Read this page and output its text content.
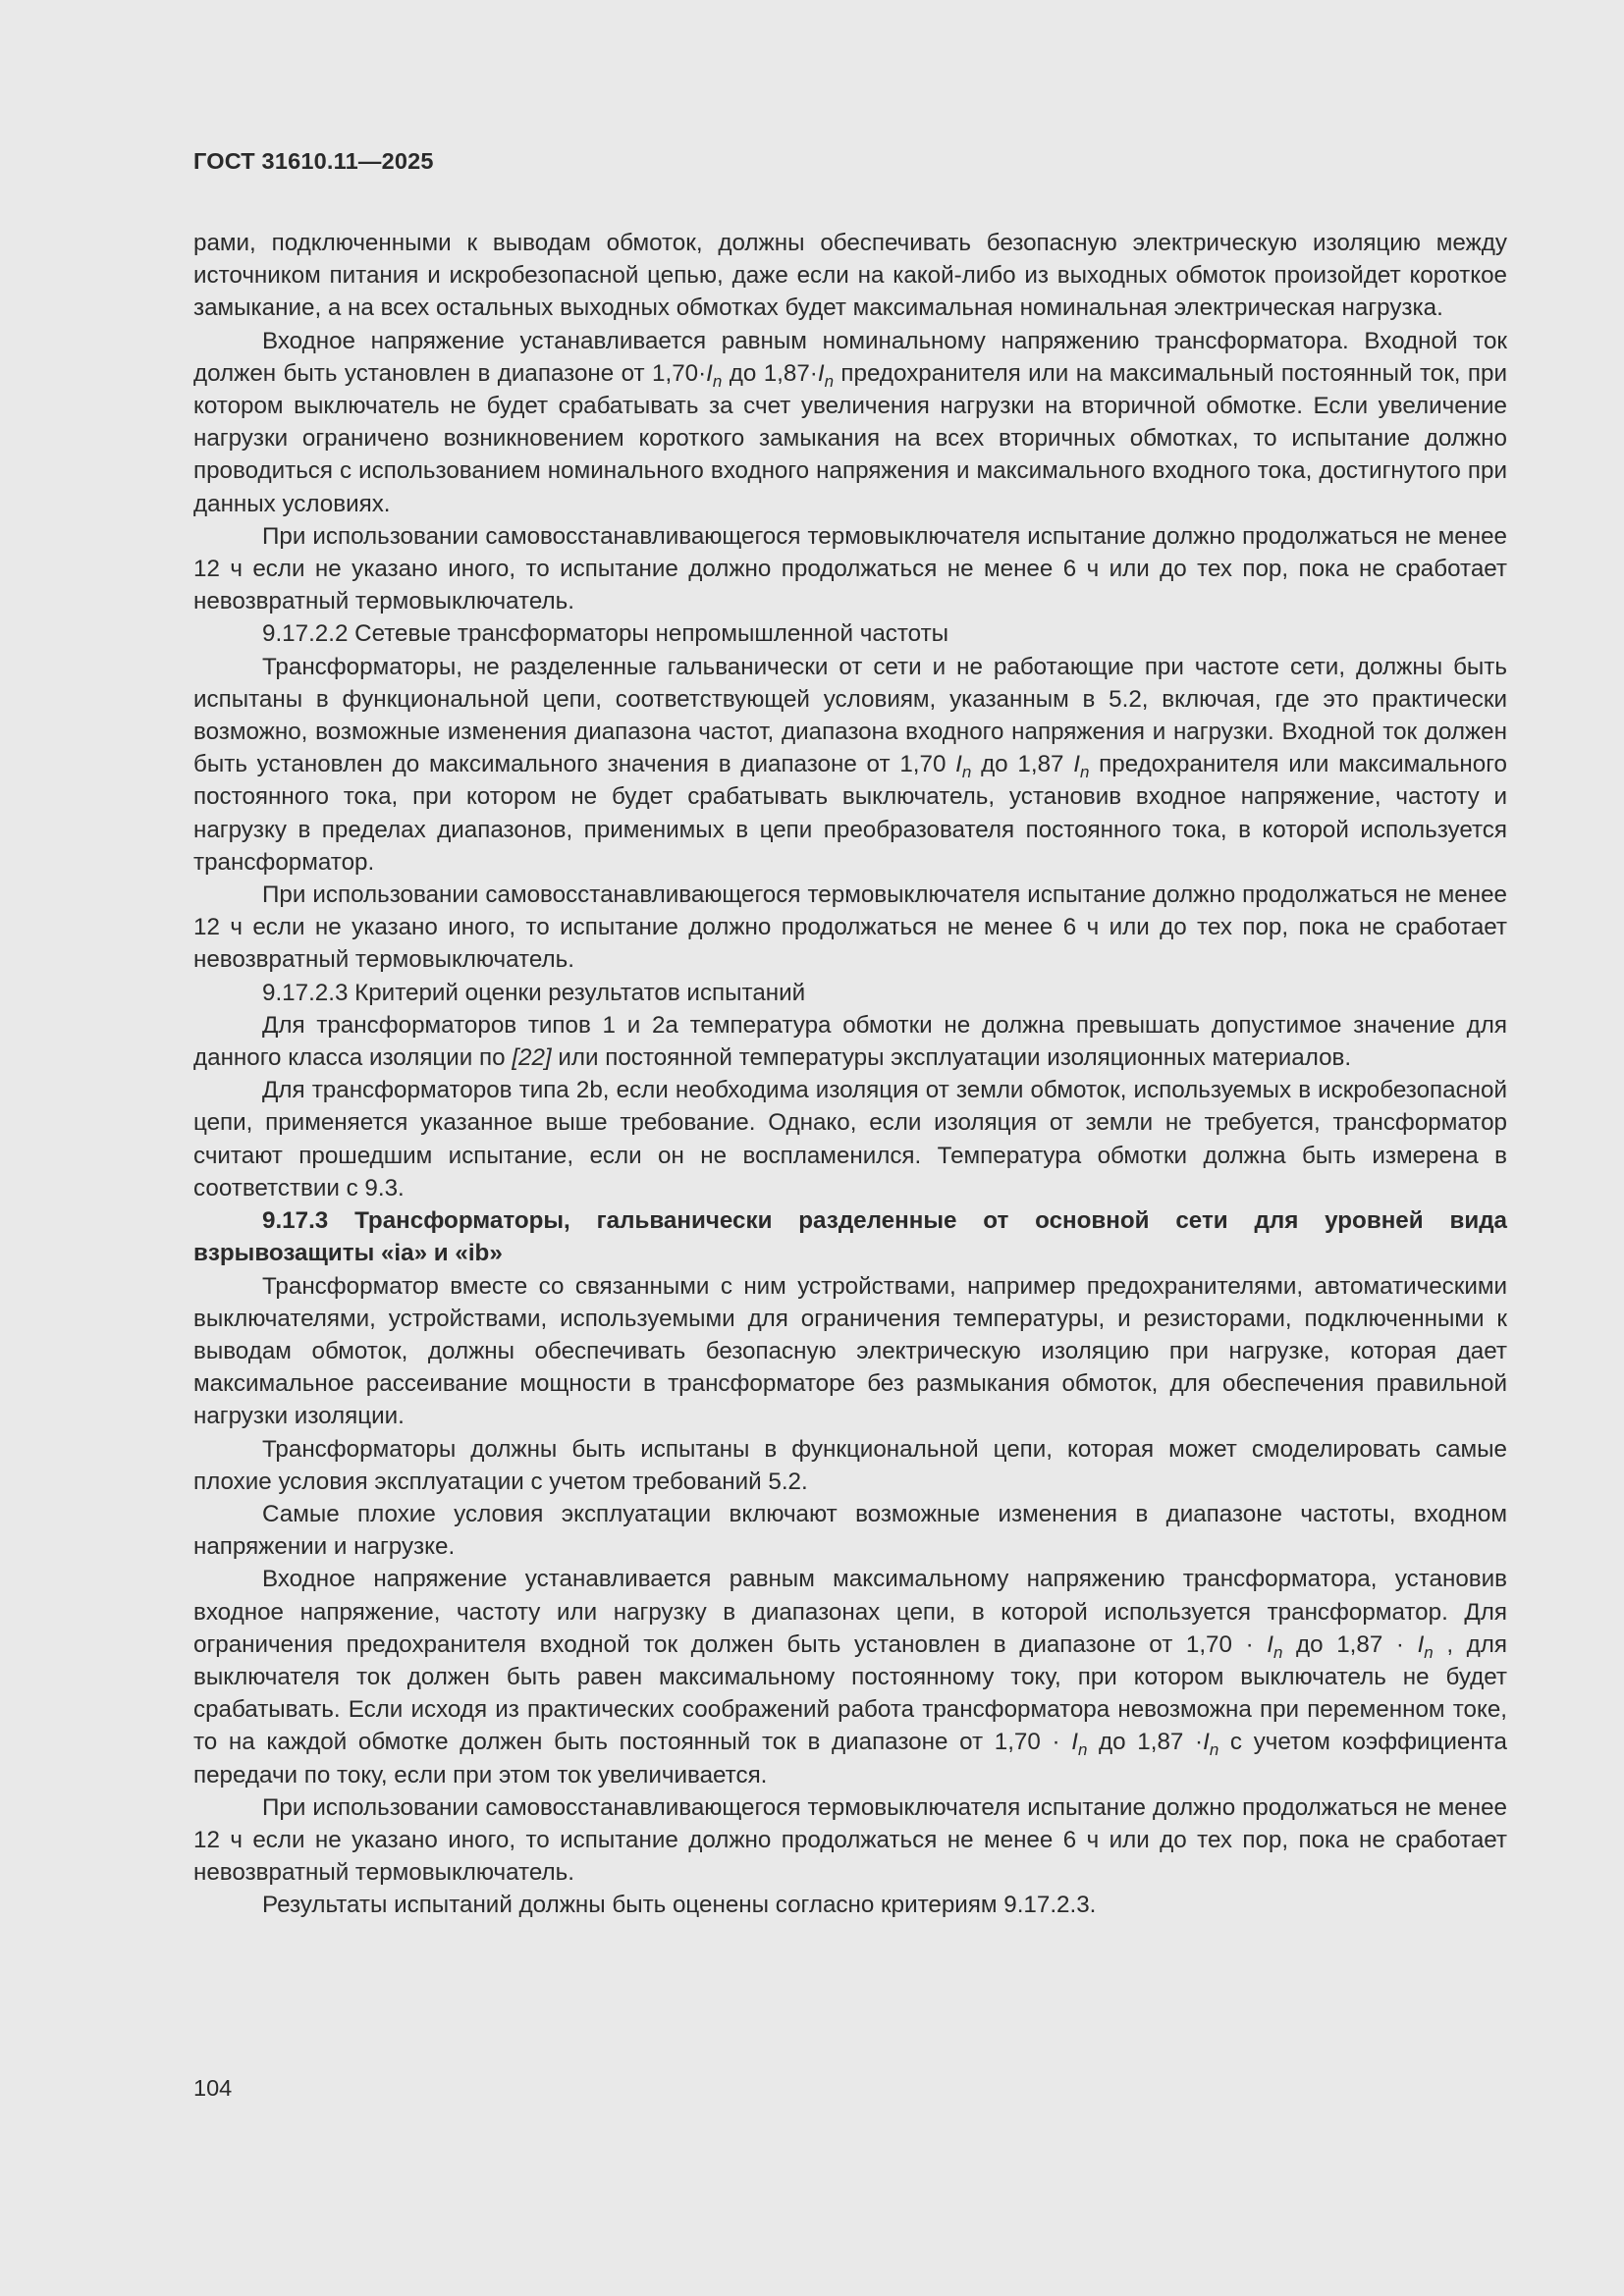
ГОСТ 31610.11—2025

рами, подключенными к выводам обмоток, должны обеспечивать безопасную электрическую изоляцию между источником питания и искробезопасной цепью, даже если на какой-либо из выходных обмоток произойдет короткое замыкание, а на всех остальных выходных обмотках будет максимальная номинальная электрическая нагрузка.

Входное напряжение устанавливается равным номинальному напряжению трансформатора. Входной ток должен быть установлен в диапазоне от $1,70\cdot I_n$ до $1,87\cdot I_n$ предохранителя или на максимальный постоянный ток, при котором выключатель не будет срабатывать за счет увеличения нагрузки на вторичной обмотке. Если увеличение нагрузки ограничено возникновением короткого замыкания на всех вторичных обмотках, то испытание должно проводиться с использованием номинального входного напряжения и максимального входного тока, достигнутого при данных условиях.

При использовании самовосстанавливающегося термовыключателя испытание должно продолжаться не менее 12 ч если не указано иного, то испытание должно продолжаться не менее 6 ч или до тех пор, пока не сработает невозвратный термовыключатель.

9.17.2.2 Сетевые трансформаторы непромышленной частоты

Трансформаторы, не разделенные гальванически от сети и не работающие при частоте сети, должны быть испытаны в функциональной цепи, соответствующей условиям, указанным в 5.2, включая, где это практически возможно, возможные изменения диапазона частот, диапазона входного напряжения и нагрузки. Входной ток должен быть установлен до максимального значения в диапазоне от 1,70 $I_n$ до 1,87 $I_n$ предохранителя или максимального постоянного тока, при котором не будет срабатывать выключатель, установив входное напряжение, частоту и нагрузку в пределах диапазонов, применимых в цепи преобразователя постоянного тока, в которой используется трансформатор.

При использовании самовосстанавливающегося термовыключателя испытание должно продолжаться не менее 12 ч если не указано иного, то испытание должно продолжаться не менее 6 ч или до тех пор, пока не сработает невозвратный термовыключатель.

9.17.2.3 Критерий оценки результатов испытаний

Для трансформаторов типов 1 и 2а температура обмотки не должна превышать допустимое значение для данного класса изоляции по [22] или постоянной температуры эксплуатации изоляционных материалов.

Для трансформаторов типа 2b, если необходима изоляция от земли обмоток, используемых в искробезопасной цепи, применяется указанное выше требование. Однако, если изоляция от земли не требуется, трансформатор считают прошедшим испытание, если он не воспламенился. Температура обмотки должна быть измерена в соответствии с 9.3.

9.17.3 Трансформаторы, гальванически разделенные от основной сети для уровней вида взрывозащиты «ia» и «ib»

Трансформатор вместе со связанными с ним устройствами, например предохранителями, автоматическими выключателями, устройствами, используемыми для ограничения температуры, и резисторами, подключенными к выводам обмоток, должны обеспечивать безопасную электрическую изоляцию при нагрузке, которая дает максимальное рассеивание мощности в трансформаторе без размыкания обмоток, для обеспечения правильной нагрузки изоляции.

Трансформаторы должны быть испытаны в функциональной цепи, которая может смоделировать самые плохие условия эксплуатации с учетом требований 5.2.

Самые плохие условия эксплуатации включают возможные изменения в диапазоне частоты, входном напряжении и нагрузке.

Входное напряжение устанавливается равным максимальному напряжению трансформатора, установив входное напряжение, частоту или нагрузку в диапазонах цепи, в которой используется трансформатор. Для ограничения предохранителя входной ток должен быть установлен в диапазоне от $1,70 \cdot I_n$ до $1,87 \cdot I_n$ , для выключателя ток должен быть равен максимальному постоянному току, при котором выключатель не будет срабатывать. Если исходя из практических соображений работа трансформатора невозможна при переменном токе, то на каждой обмотке должен быть постоянный ток в диапазоне от $1,70 \cdot I_n$ до $1,87 \cdot I_n$ с учетом коэффициента передачи по току, если при этом ток увеличивается.

При использовании самовосстанавливающегося термовыключателя испытание должно продолжаться не менее 12 ч если не указано иного, то испытание должно продолжаться не менее 6 ч или до тех пор, пока не сработает невозвратный термовыключатель.

Результаты испытаний должны быть оценены согласно критериям 9.17.2.3.

104
